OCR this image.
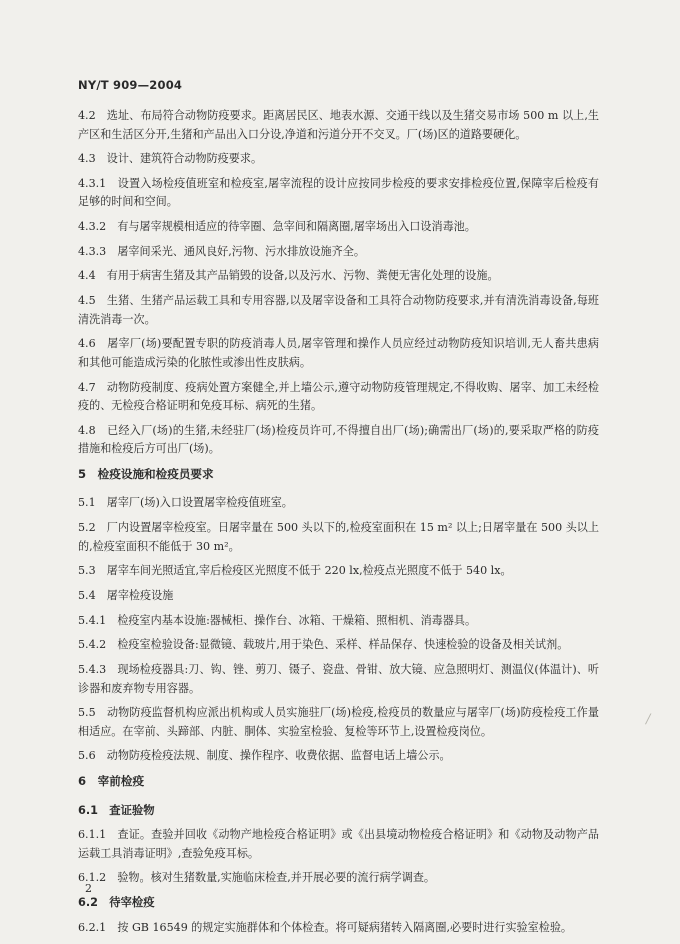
NY/T 909—2004
4.2　选址、布局符合动物防疫要求。距离居民区、地表水源、交通干线以及生猪交易市场 500 m 以上,生产区和生活区分开,生猪和产品出入口分设,净道和污道分开不交叉。厂(场)区的道路要硬化。
4.3　设计、建筑符合动物防疫要求。
4.3.1　设置入场检疫值班室和检疫室,屠宰流程的设计应按同步检疫的要求安排检疫位置,保障宰后检疫有足够的时间和空间。
4.3.2　有与屠宰规模相适应的待宰圈、急宰间和隔离圈,屠宰场出入口设消毒池。
4.3.3　屠宰间采光、通风良好,污物、污水排放设施齐全。
4.4　有用于病害生猪及其产品销毁的设备,以及污水、污物、粪便无害化处理的设施。
4.5　生猪、生猪产品运载工具和专用容器,以及屠宰设备和工具符合动物防疫要求,并有清洗消毒设备,每班清洗消毒一次。
4.6　屠宰厂(场)要配置专职的防疫消毒人员,屠宰管理和操作人员应经过动物防疫知识培训,无人畜共患病和其他可能造成污染的化脓性或渗出性皮肤病。
4.7　动物防疫制度、疫病处置方案健全,并上墙公示,遵守动物防疫管理规定,不得收购、屠宰、加工未经检疫的、无检疫合格证明和免疫耳标、病死的生猪。
4.8　已经入厂(场)的生猪,未经驻厂(场)检疫员许可,不得擅自出厂(场);确需出厂(场)的,要采取严格的防疫措施和检疫后方可出厂(场)。
5　检疫设施和检疫员要求
5.1　屠宰厂(场)入口设置屠宰检疫值班室。
5.2　厂内设置屠宰检疫室。日屠宰量在 500 头以下的,检疫室面积在 15 m² 以上;日屠宰量在 500 头以上的,检疫室面积不能低于 30 m²。
5.3　屠宰车间光照适宜,宰后检疫区光照度不低于 220 lx,检疫点光照度不低于 540 lx。
5.4　屠宰检疫设施
5.4.1　检疫室内基本设施:器械柜、操作台、冰箱、干燥箱、照相机、消毒器具。
5.4.2　检疫室检验设备:显微镜、载玻片,用于染色、采样、样品保存、快速检验的设备及相关试剂。
5.4.3　现场检疫器具:刀、钩、锉、剪刀、镊子、瓷盘、骨钳、放大镜、应急照明灯、测温仪(体温计)、听诊器和废弃物专用容器。
5.5　动物防疫监督机构应派出机构或人员实施驻厂(场)检疫,检疫员的数量应与屠宰厂(场)防疫检疫工作量相适应。在宰前、头蹄部、内脏、胴体、实验室检验、复检等环节上,设置检疫岗位。
5.6　动物防疫检疫法规、制度、操作程序、收费依据、监督电话上墙公示。
6　宰前检疫
6.1　查证验物
6.1.1　查证。查验并回收《动物产地检疫合格证明》或《出县境动物检疫合格证明》和《动物及动物产品运载工具消毒证明》,查验免疫耳标。
6.1.2　验物。核对生猪数量,实施临床检查,并开展必要的流行病学调查。
6.2　待宰检疫
6.2.1　按 GB 16549 的规定实施群体和个体检查。将可疑病猪转入隔离圈,必要时进行实验室检验。
2
/
